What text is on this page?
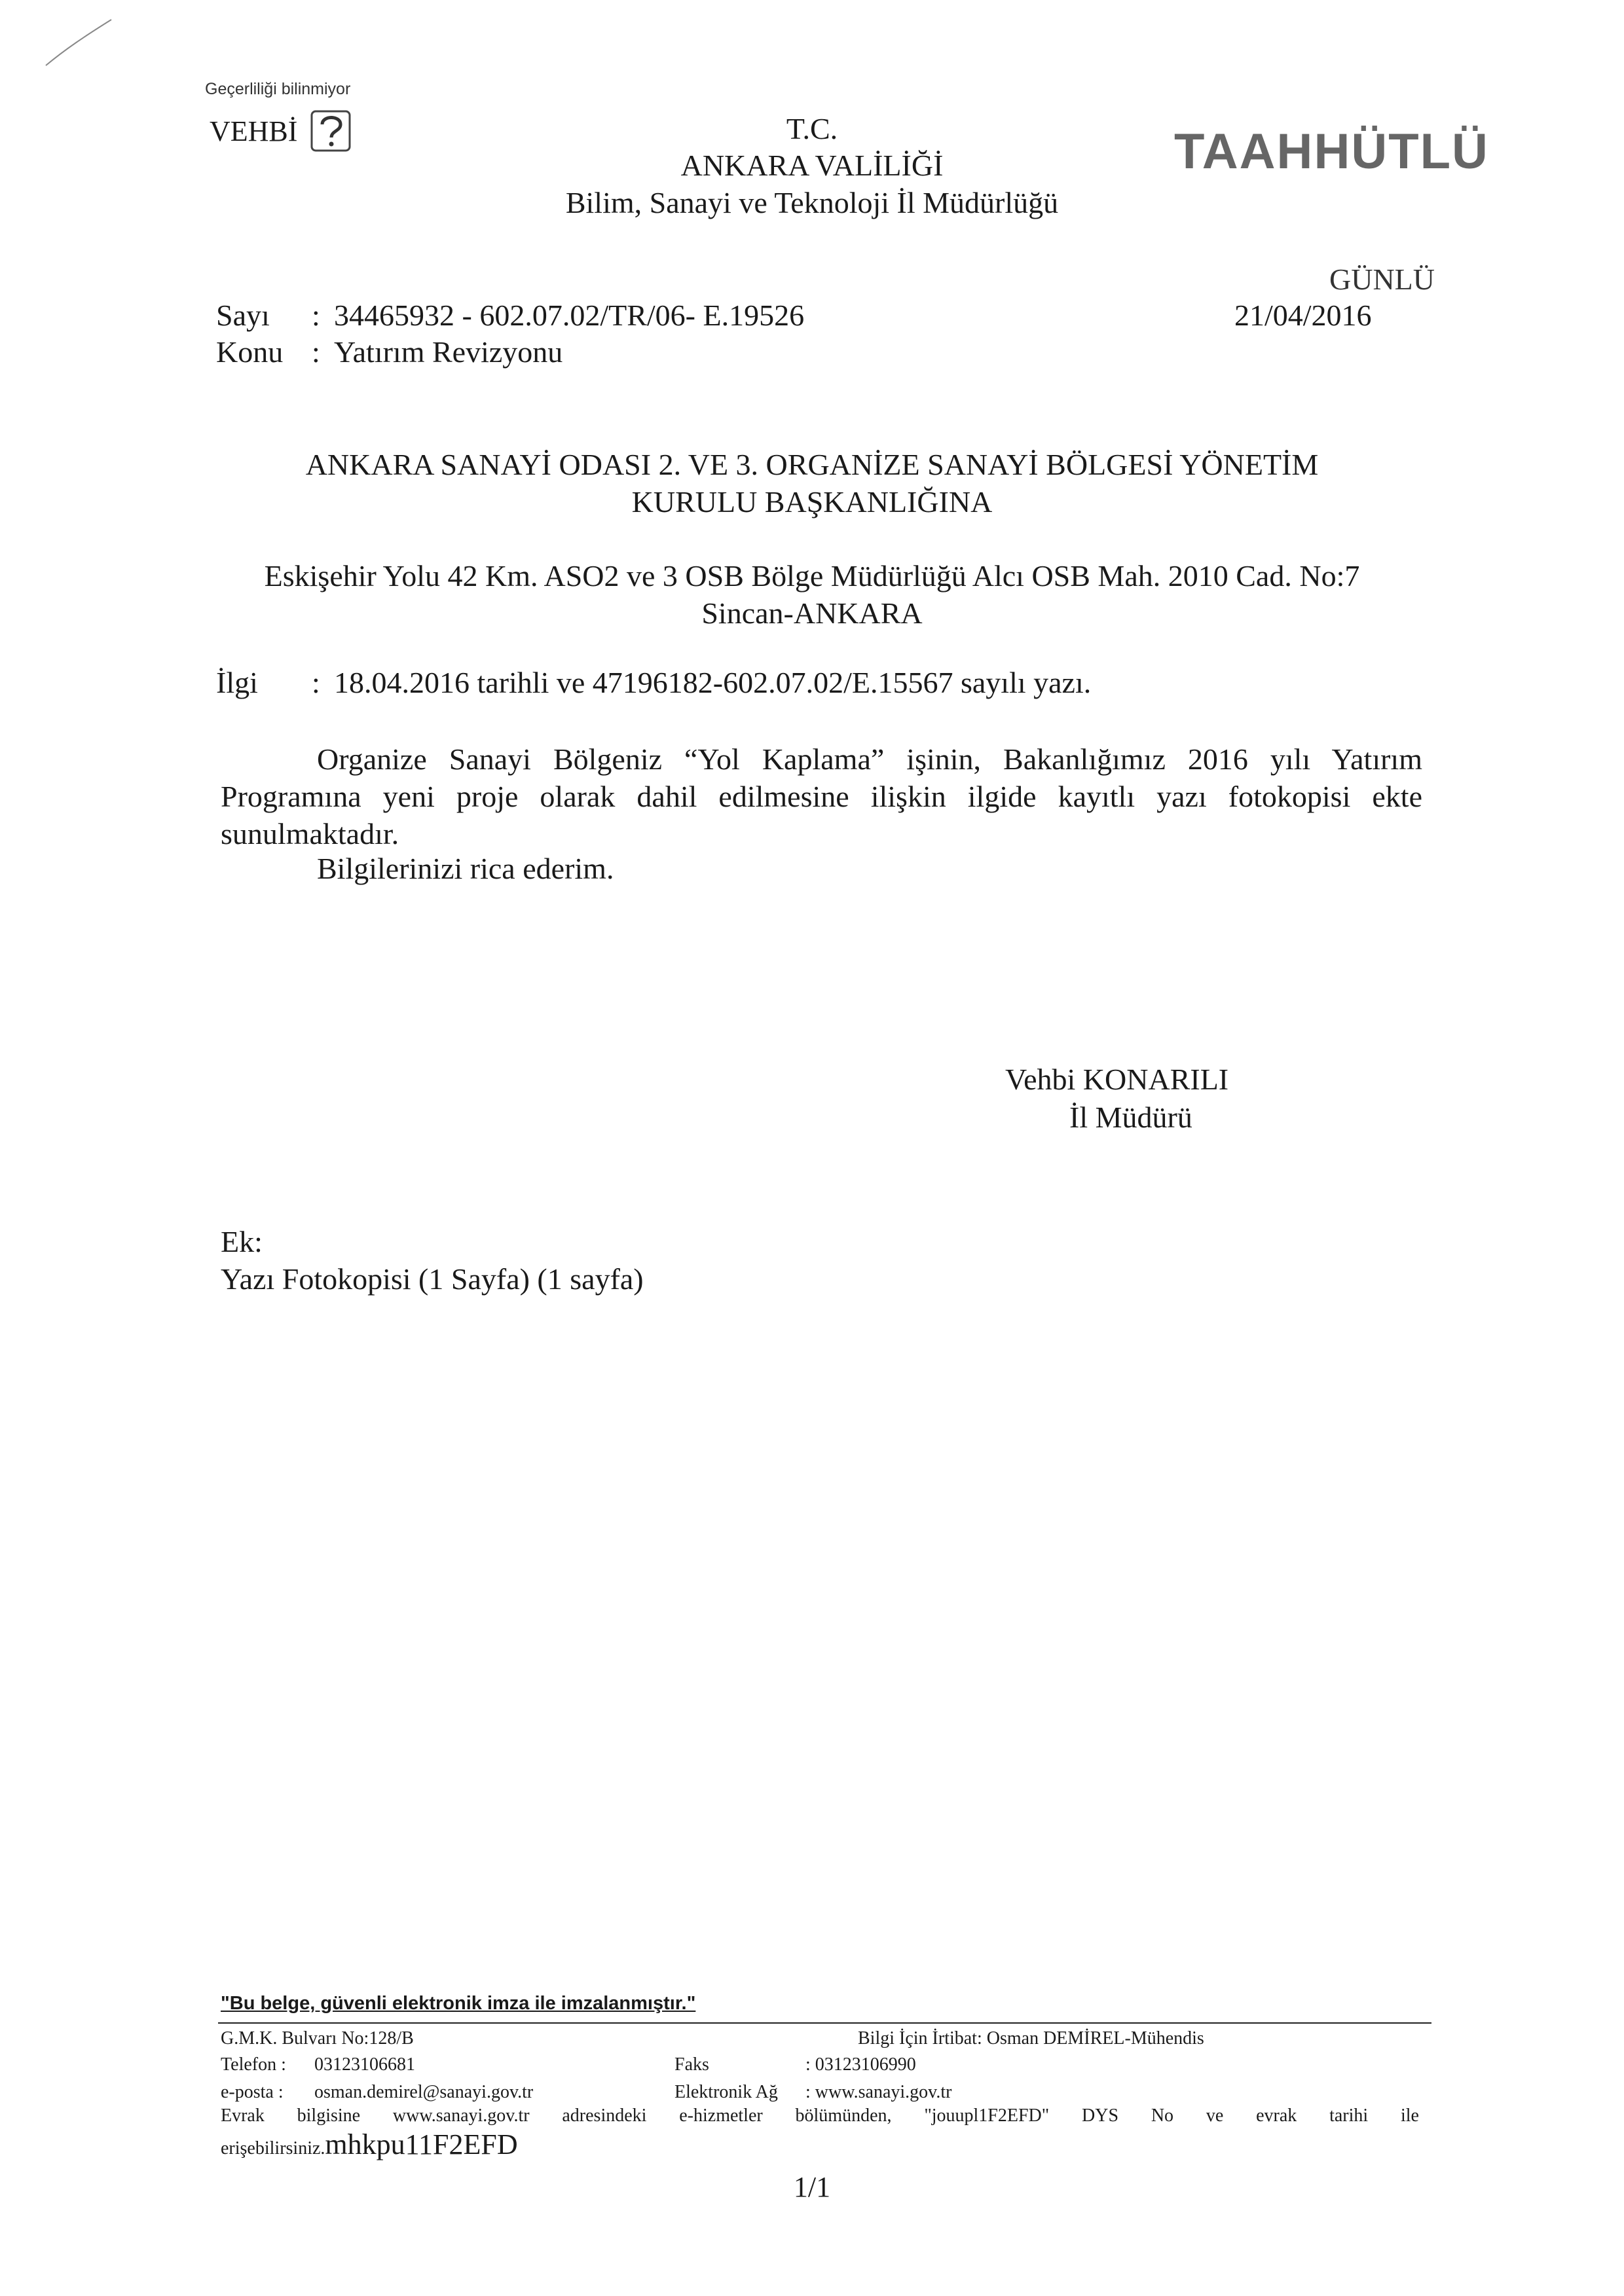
Geçerliliği bilinmiyor
VEHBİ	T.C.
ANKARA VALİLİĞİ
Bilim, Sanayi ve Teknoloji İl Müdürlüğü
TAAHHÜTLÜ
GÜNLÜ
21/04/2016
Sayı : 34465932 - 602.07.02/TR/06- E.19526
Konu : Yatırım Revizyonu
ANKARA SANAYİ ODASI 2. VE 3. ORGANİZE SANAYİ BÖLGESİ YÖNETİM
KURULU BAŞKANLIĞINA
Eskişehir Yolu 42 Km. ASO2 ve 3 OSB Bölge Müdürlüğü Alcı OSB Mah. 2010 Cad. No:7
Sincan-ANKARA
İlgi : 18.04.2016 tarihli ve 47196182-602.07.02/E.15567 sayılı yazı.

Organize Sanayi Bölgeniz “Yol Kaplama” işinin, Bakanlığımız 2016 yılı Yatırım Programına yeni proje olarak dahil edilmesine ilişkin ilgide kayıtlı yazı fotokopisi ekte sunulmaktadır.

Bilgilerinizi rica ederim.
Vehbi KONARILI
İl Müdürü
Ek:
Yazı Fotokopisi (1 Sayfa) (1 sayfa)
"Bu belge, güvenli elektronik imza ile imzalanmıştır."
G.M.K. Bulvarı No:128/B	Bilgi İçin İrtibat: Osman DEMİREL-Mühendis
Telefon : 03123106681	Faks	: 03123106990
e-posta : osman.demirel@sanayi.gov.tr	Elektronik Ağ : www.sanayi.gov.tr
Evrak bilgisine www.sanayi.gov.tr adresindeki e-hizmetler bölümünden, "jouupl1F2EFD" DYS No ve evrak tarihi ile
erişebilirsiniz.mhkpu11F2EFD
1/1
